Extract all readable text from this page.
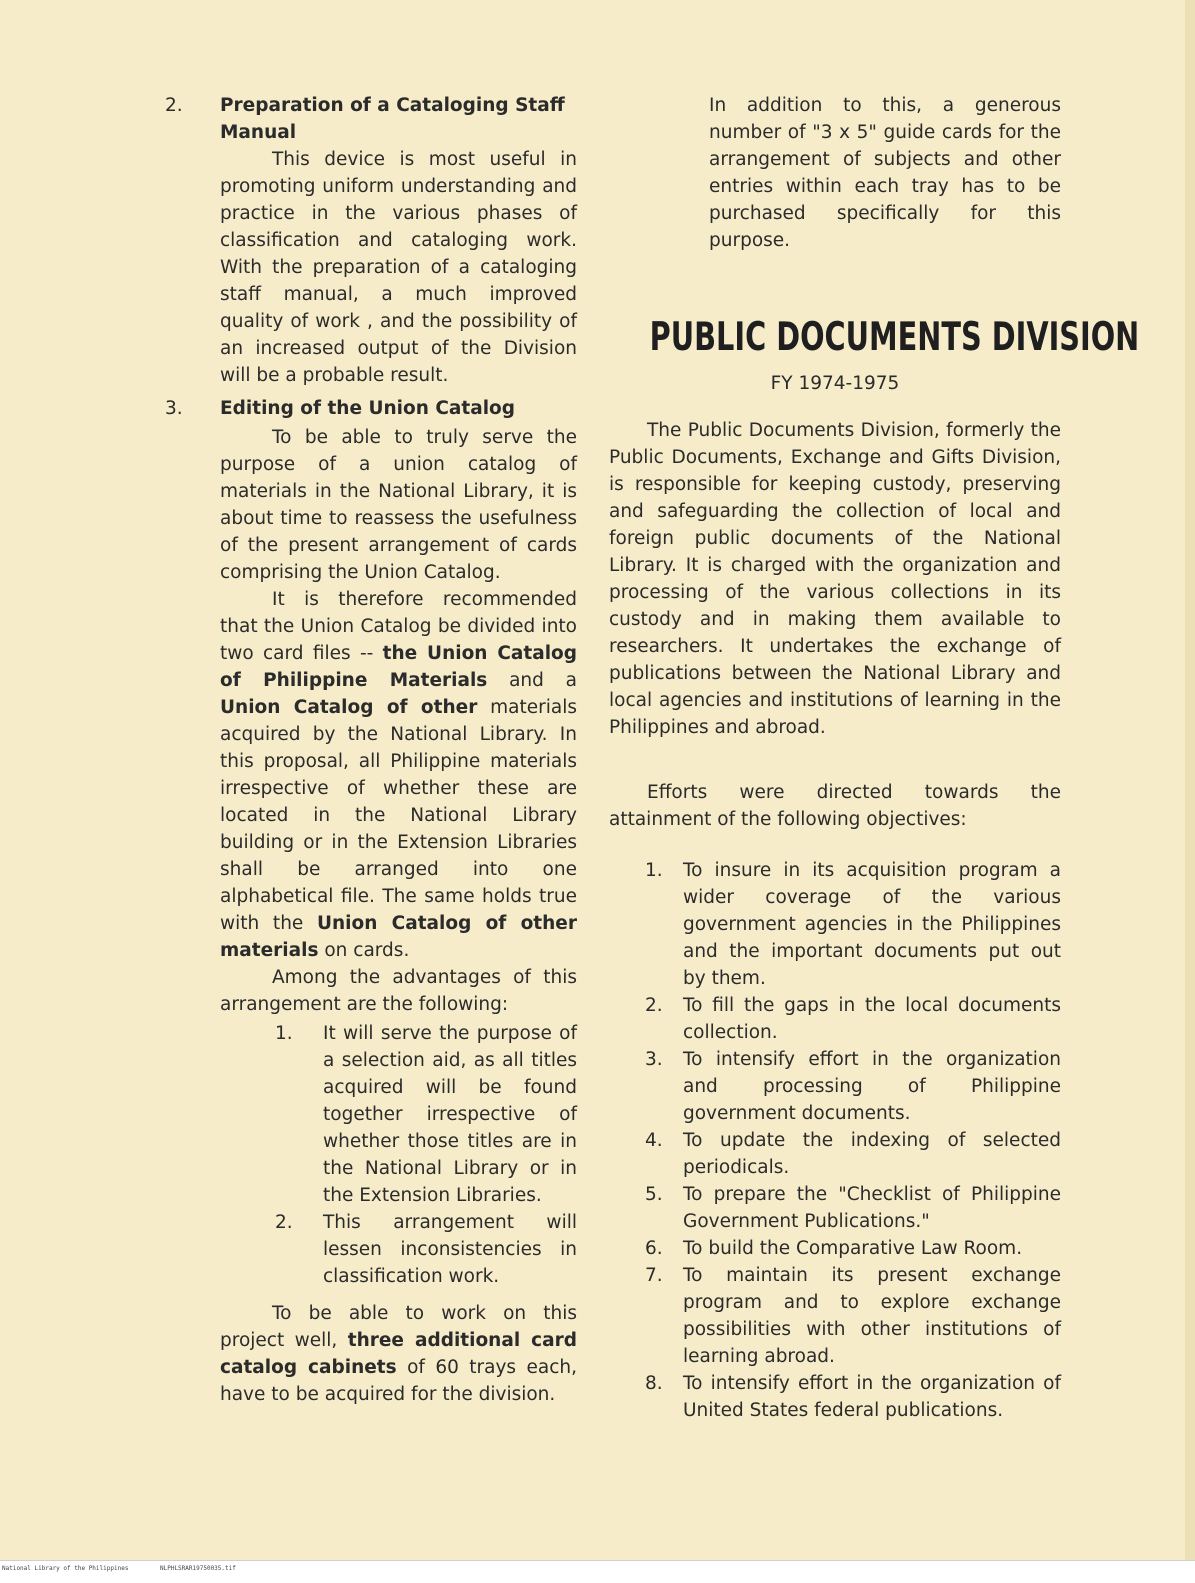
2.	Preparation of a Cataloging Staff Manual

This device is most useful in promoting uniform understanding and practice in the various phases of classification and cataloging work. With the preparation of a cataloging staff manual, a much improved quality of work , and the possibility of an increased output of the Division will be a probable result.

3.	Editing of the Union Catalog

To be able to truly serve the purpose of a union catalog of materials in the National Library, it is about time to reassess the usefulness of the present arrangement of cards comprising the Union Catalog.

It is therefore recommended that the Union Catalog be divided into two card files -- the Union Catalog of Philippine Materials and a Union Catalog of other materials acquired by the National Library. In this proposal, all Philippine materials irrespective of whether these are located in the National Library building or in the Extension Libraries shall be arranged into one alphabetical file. The same holds true with the Union Catalog of other materials on cards.

Among the advantages of this arrangement are the following:

1.	It will serve the purpose of a selection aid, as all titles acquired will be found together irrespective of whether those titles are in the National Library or in the Extension Libraries.
2.	This arrangement will lessen inconsistencies in classification work.

To be able to work on this project well, three additional card catalog cabinets of 60 trays each, have to be acquired for the division.

In addition to this, a generous number of "3 x 5" guide cards for the arrangement of subjects and other entries within each tray has to be purchased specifically for this purpose.

PUBLIC DOCUMENTS DIVISION

FY 1974-1975

The Public Documents Division, formerly the Public Documents, Exchange and Gifts Division, is responsible for keeping custody, preserving and safeguarding the collection of local and foreign public documents of the National Library. It is charged with the organization and processing of the various collections in its custody and in making them available to researchers. It undertakes the exchange of publications between the National Library and local agencies and institutions of learning in the Philippines and abroad.

Efforts were directed towards the attainment of the following objectives:

1.	To insure in its acquisition program a wider coverage of the various government agencies in the Philippines and the important documents put out by them.
2.	To fill the gaps in the local documents collection.
3.	To intensify effort in the organization and processing of Philippine government documents.
4.	To update the indexing of selected periodicals.
5.	To prepare the "Checklist of Philippine Government Publications."
6.	To build the Comparative Law Room.
7.	To maintain its present exchange program and to explore exchange possibilities with other institutions of learning abroad.
8.	To intensify effort in the organization of United States federal publications.
National Library of the Philippines	NLPHLSRAR19750035.tif
